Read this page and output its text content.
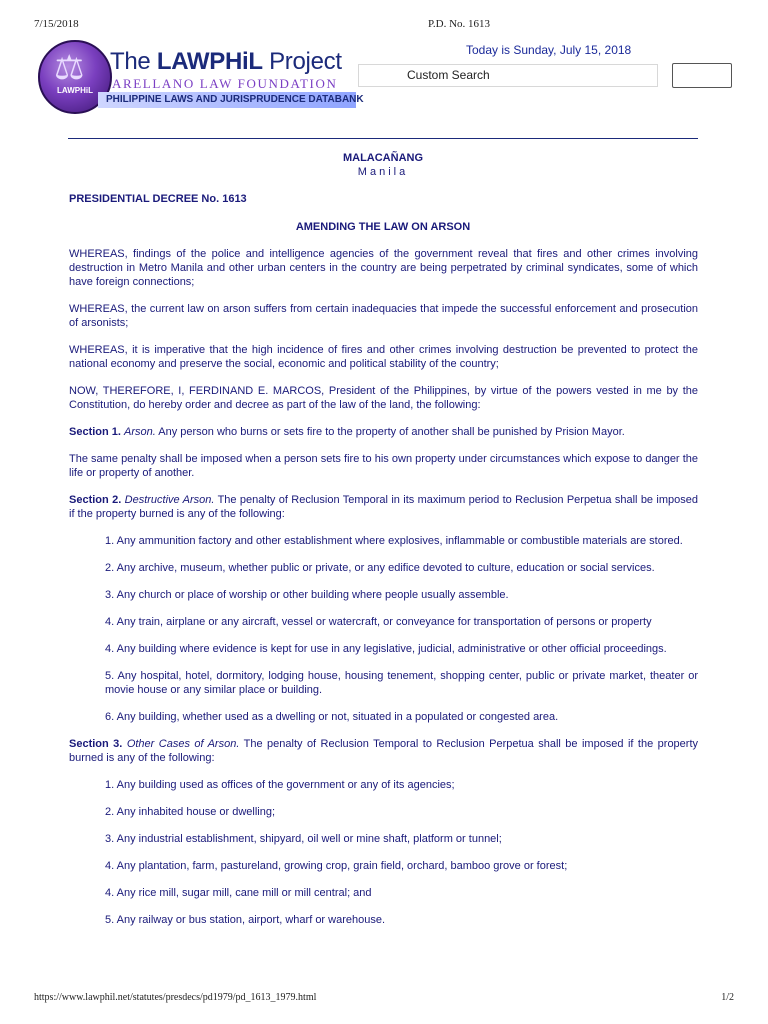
7/15/2018	P.D. No. 1613
⚖
LAWPHiL
The LAWPHiL Project
ARELLANO LAW FOUNDATION
PHILIPPINE LAWS AND JURISPRUDENCE DATABANK
Today is Sunday, July 15, 2018
Custom Search
MALACAÑANG
Manila
PRESIDENTIAL DECREE No. 1613
AMENDING THE LAW ON ARSON

WHEREAS, findings of the police and intelligence agencies of the government reveal that fires and other crimes involving destruction in Metro Manila and other urban centers in the country are being perpetrated by criminal syndicates, some of which have foreign connections;

WHEREAS, the current law on arson suffers from certain inadequacies that impede the successful enforcement and prosecution of arsonists;

WHEREAS, it is imperative that the high incidence of fires and other crimes involving destruction be prevented to protect the national economy and preserve the social, economic and political stability of the country;

NOW, THEREFORE, I, FERDINAND E. MARCOS, President of the Philippines, by virtue of the powers vested in me by the Constitution, do hereby order and decree as part of the law of the land, the following:

Section 1. Arson. Any person who burns or sets fire to the property of another shall be punished by Prision Mayor.

The same penalty shall be imposed when a person sets fire to his own property under circumstances which expose to danger the life or property of another.

Section 2. Destructive Arson. The penalty of Reclusion Temporal in its maximum period to Reclusion Perpetua shall be imposed if the property burned is any of the following:

1. Any ammunition factory and other establishment where explosives, inflammable or combustible materials are stored.

2. Any archive, museum, whether public or private, or any edifice devoted to culture, education or social services.

3. Any church or place of worship or other building where people usually assemble.

4. Any train, airplane or any aircraft, vessel or watercraft, or conveyance for transportation of persons or property

4. Any building where evidence is kept for use in any legislative, judicial, administrative or other official proceedings.

5. Any hospital, hotel, dormitory, lodging house, housing tenement, shopping center, public or private market, theater or movie house or any similar place or building.

6. Any building, whether used as a dwelling or not, situated in a populated or congested area.

Section 3. Other Cases of Arson. The penalty of Reclusion Temporal to Reclusion Perpetua shall be imposed if the property burned is any of the following:

1. Any building used as offices of the government or any of its agencies;

2. Any inhabited house or dwelling;

3. Any industrial establishment, shipyard, oil well or mine shaft, platform or tunnel;

4. Any plantation, farm, pastureland, growing crop, grain field, orchard, bamboo grove or forest;

4. Any rice mill, sugar mill, cane mill or mill central; and

5. Any railway or bus station, airport, wharf or warehouse.

https://www.lawphil.net/statutes/presdecs/pd1979/pd_1613_1979.html	1/2
